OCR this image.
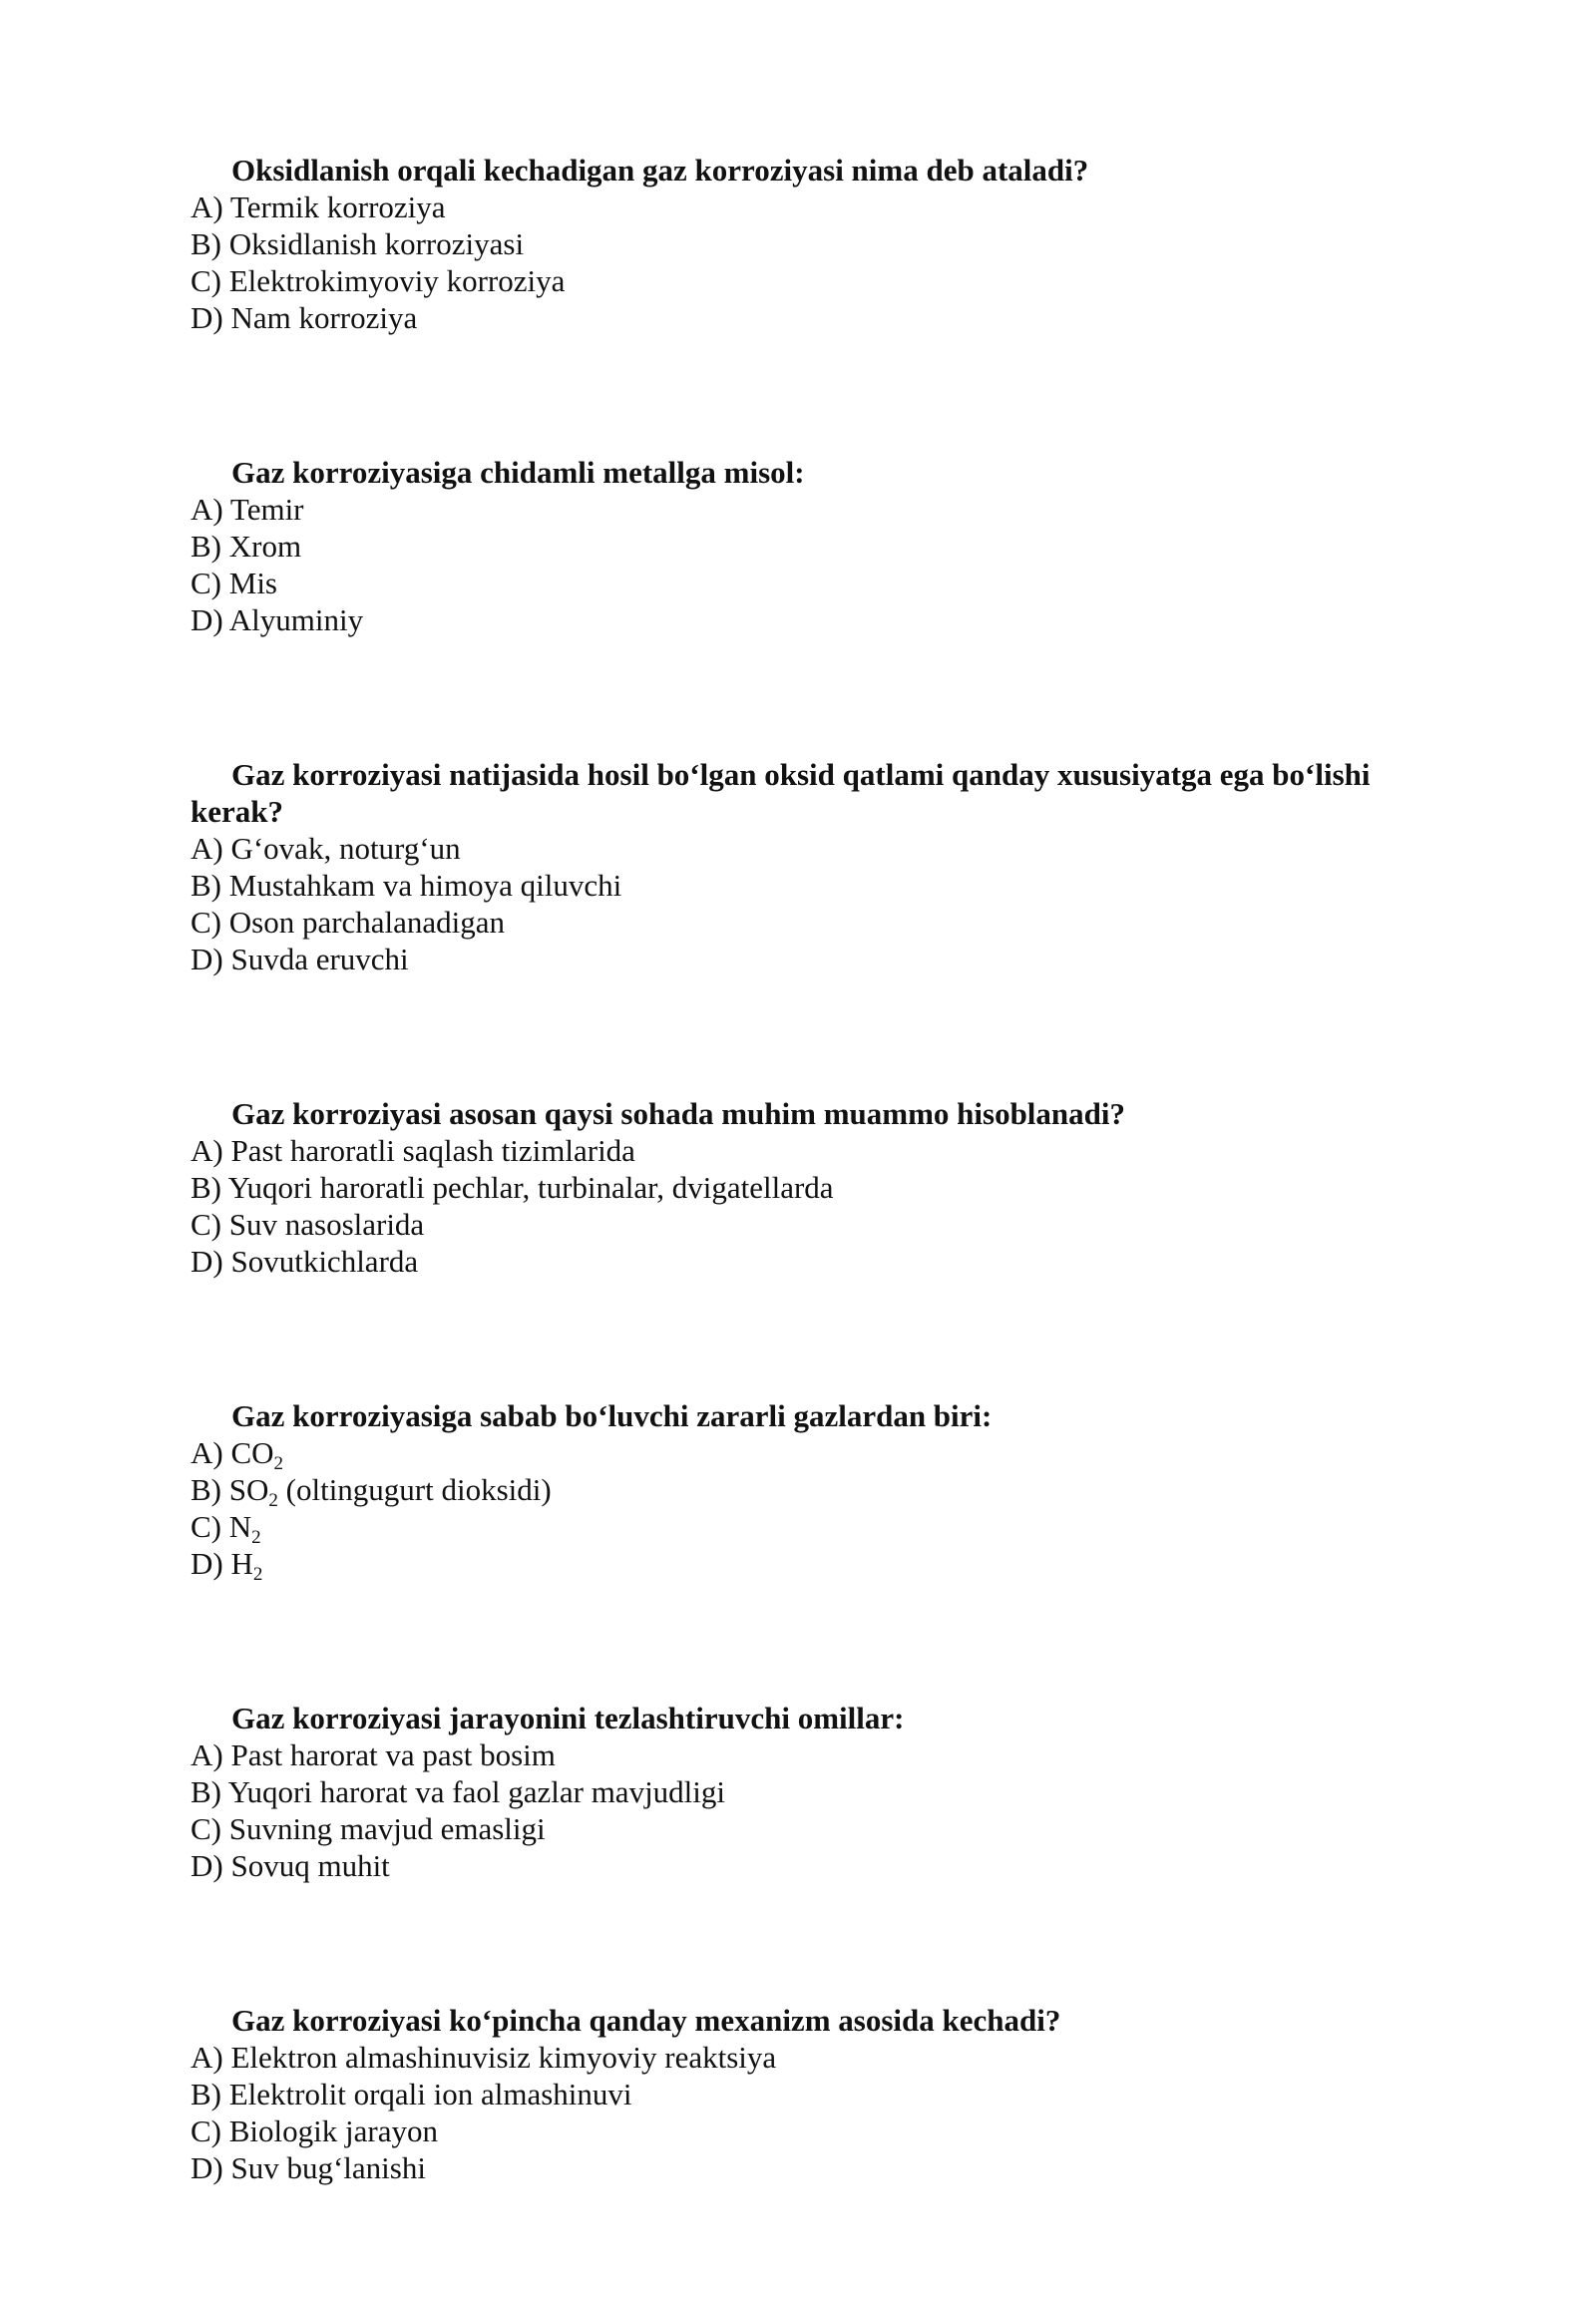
Oksidlanish orqali kechadigan gaz korroziyasi nima deb ataladi?

A) Termik korroziya
B) Oksidlanish korroziyasi
C) Elektrokimyoviy korroziya
D) Nam korroziya

Gaz korroziyasiga chidamli metallga misol:

A) Temir
B) Xrom
C) Mis
D) Alyuminiy

Gaz korroziyasi natijasida hosil bo‘lgan oksid qatlami qanday xususiyatga ega bo‘lishi kerak?

A) G‘ovak, noturg‘un
B) Mustahkam va himoya qiluvchi
C) Oson parchalanadigan
D) Suvda eruvchi

Gaz korroziyasi asosan qaysi sohada muhim muammo hisoblanadi?

A) Past haroratli saqlash tizimlarida
B) Yuqori haroratli pechlar, turbinalar, dvigatellarda
C) Suv nasoslarida
D) Sovutkichlarda

Gaz korroziyasiga sabab bo‘luvchi zararli gazlardan biri:

A) $CO_2$
B) $SO_2$ (oltingugurt dioksidi)
C) $N_2$
D) $H_2$

Gaz korroziyasi jarayonini tezlashtiruvchi omillar:

A) Past harorat va past bosim
B) Yuqori harorat va faol gazlar mavjudligi
C) Suvning mavjud emasligi
D) Sovuq muhit

Gaz korroziyasi ko‘pincha qanday mexanizm asosida kechadi?

A) Elektron almashinuvisiz kimyoviy reaktsiya
B) Elektrolit orqali ion almashinuvi
C) Biologik jarayon
D) Suv bug‘lanishi
